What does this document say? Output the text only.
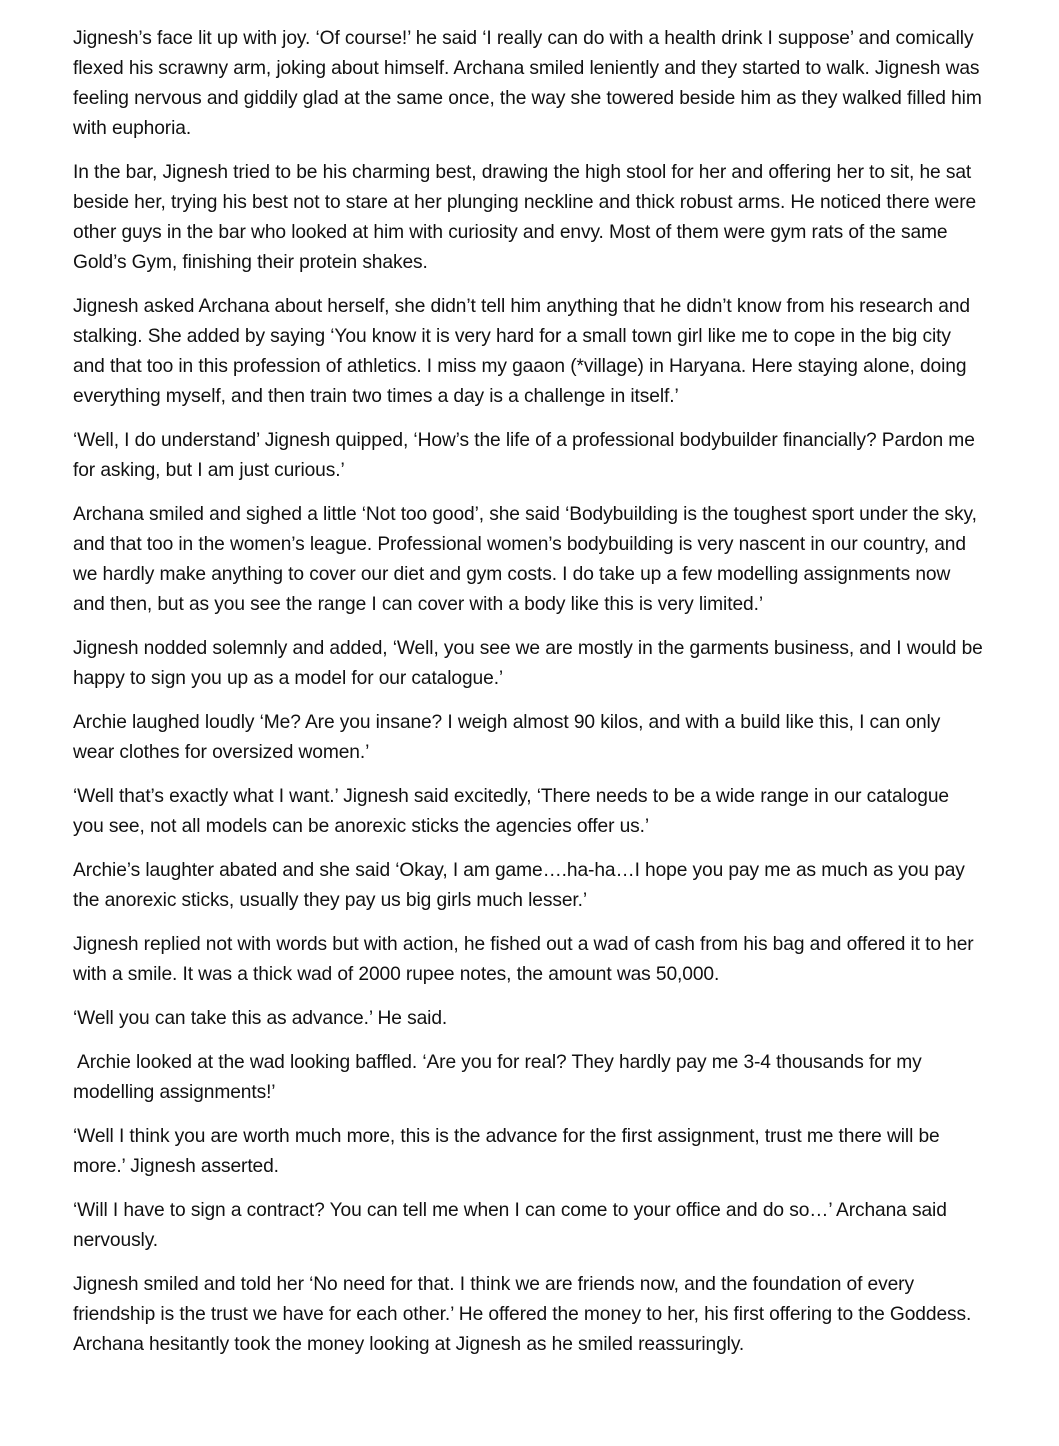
Jignesh’s face lit up with joy. ‘Of course!’ he said ‘I really can do with a health drink I suppose’ and comically flexed his scrawny arm, joking about himself. Archana smiled leniently and they started to walk. Jignesh was feeling nervous and giddily glad at the same once, the way she towered beside him as they walked filled him with euphoria.

In the bar, Jignesh tried to be his charming best, drawing the high stool for her and offering her to sit, he sat beside her, trying his best not to stare at her plunging neckline and thick robust arms. He noticed there were other guys in the bar who looked at him with curiosity and envy. Most of them were gym rats of the same Gold’s Gym, finishing their protein shakes.

Jignesh asked Archana about herself, she didn’t tell him anything that he didn’t know from his research and stalking. She added by saying ‘You know it is very hard for a small town girl like me to cope in the big city and that too in this profession of athletics. I miss my gaaon (*village) in Haryana. Here staying alone, doing everything myself, and then train two times a day is a challenge in itself.’

‘Well, I do understand’ Jignesh quipped, ‘How’s the life of a professional bodybuilder financially? Pardon me for asking, but I am just curious.’

Archana smiled and sighed a little ‘Not too good’, she said ‘Bodybuilding is the toughest sport under the sky, and that too in the women’s league. Professional women’s bodybuilding is very nascent in our country, and we hardly make anything to cover our diet and gym costs. I do take up a few modelling assignments now and then, but as you see the range I can cover with a body like this is very limited.’

Jignesh nodded solemnly and added, ‘Well, you see we are mostly in the garments business, and I would be happy to sign you up as a model for our catalogue.’

Archie laughed loudly ‘Me? Are you insane? I weigh almost 90 kilos, and with a build like this, I can only wear clothes for oversized women.’

‘Well that’s exactly what I want.’ Jignesh said excitedly, ‘There needs to be a wide range in our catalogue you see, not all models can be anorexic sticks the agencies offer us.’

Archie’s laughter abated and she said ‘Okay, I am game….ha-ha…I hope you pay me as much as you pay the anorexic sticks, usually they pay us big girls much lesser.’

Jignesh replied not with words but with action, he fished out a wad of cash from his bag and offered it to her with a smile. It was a thick wad of 2000 rupee notes, the amount was 50,000.

‘Well you can take this as advance.’ He said.

Archie looked at the wad looking baffled. ‘Are you for real? They hardly pay me 3-4 thousands for my modelling assignments!’

‘Well I think you are worth much more, this is the advance for the first assignment, trust me there will be more.’ Jignesh asserted.

‘Will I have to sign a contract? You can tell me when I can come to your office and do so…’ Archana said nervously.

Jignesh smiled and told her ‘No need for that. I think we are friends now, and the foundation of every friendship is the trust we have for each other.’ He offered the money to her, his first offering to the Goddess. Archana hesitantly took the money looking at Jignesh as he smiled reassuringly.
